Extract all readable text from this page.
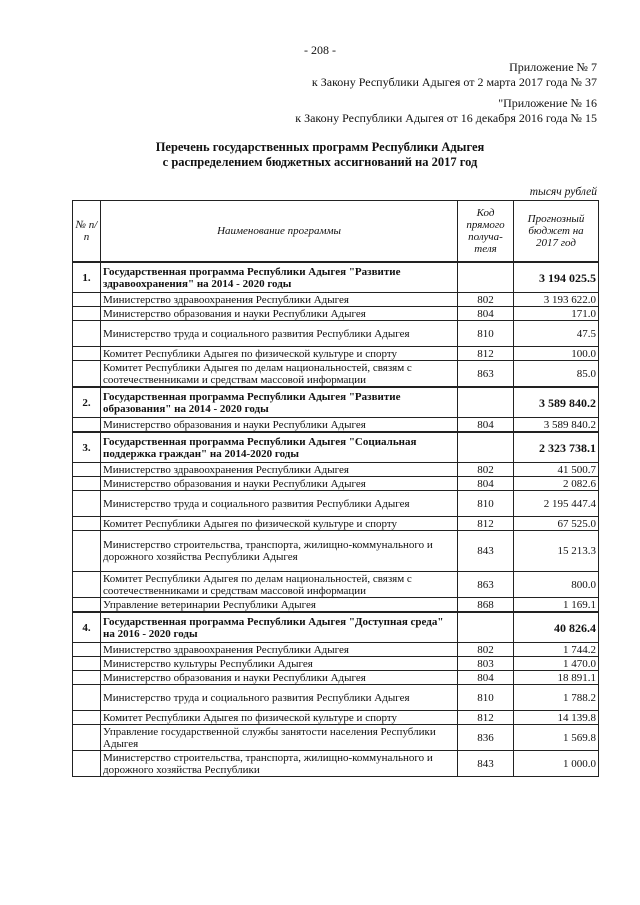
- 208 -
Приложение № 7
к Закону Республики Адыгея от 2 марта 2017 года № 37
"Приложение № 16
к Закону Республики Адыгея от 16 декабря 2016 года № 15
Перечень государственных программ Республики Адыгея
с распределением бюджетных ассигнований на 2017 год
тысяч рублей
№ п/п	Наименование программы	Код прямого получа-теля	Прогнозный бюджет на 2017 год
1.	Государственная программа Республики Адыгея "Развитие здравоохранения" на 2014 - 2020 годы		3 194 025.5
	Министерство здравоохранения Республики Адыгея	802	3 193 622.0
	Министерство образования и науки Республики Адыгея	804	171.0
	Министерство труда и социального развития Республики Адыгея	810	47.5
	Комитет Республики Адыгея по физической культуре и спорту	812	100.0
	Комитет Республики Адыгея по делам национальностей, связям с соотечественниками и средствам массовой информации	863	85.0
2.	Государственная программа Республики Адыгея "Развитие образования" на 2014 - 2020 годы		3 589 840.2
	Министерство образования и науки Республики Адыгея	804	3 589 840.2
3.	Государственная программа Республики Адыгея "Социальная поддержка граждан" на 2014-2020 годы		2 323 738.1
	Министерство здравоохранения Республики Адыгея	802	41 500.7
	Министерство образования и науки Республики Адыгея	804	2 082.6
	Министерство труда и социального развития Республики Адыгея	810	2 195 447.4
	Комитет Республики Адыгея по физической культуре и спорту	812	67 525.0
	Министерство строительства, транспорта, жилищно-коммунального и дорожного хозяйства Республики Адыгея	843	15 213.3
	Комитет Республики Адыгея по делам национальностей, связям с соотечественниками и средствам массовой информации	863	800.0
	Управление ветеринарии Республики Адыгея	868	1 169.1
4.	Государственная программа Республики Адыгея "Доступная среда" на 2016 - 2020 годы		40 826.4
	Министерство здравоохранения Республики Адыгея	802	1 744.2
	Министерство культуры Республики Адыгея	803	1 470.0
	Министерство образования и науки Республики Адыгея	804	18 891.1
	Министерство труда и социального развития Республики Адыгея	810	1 788.2
	Комитет Республики Адыгея по физической культуре и спорту	812	14 139.8
	Управление государственной службы занятости населения Республики Адыгея	836	1 569.8
	Министерство строительства, транспорта, жилищно-коммунального и дорожного хозяйства Республики	843	1 000.0
